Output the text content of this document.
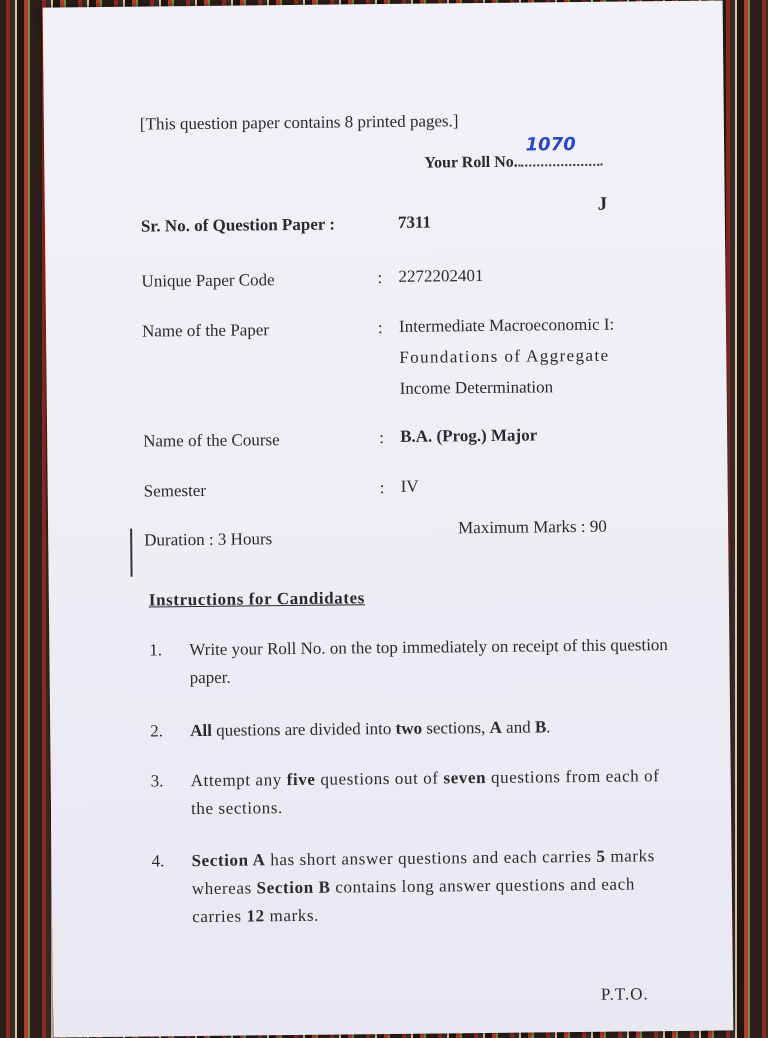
[This question paper contains 8 printed pages.]
Your Roll No.
1070
J
Sr. No. of Question Paper :	7311
Unique Paper Code	: 2272202401
Name of the Paper	: Intermediate Macroeconomic I:
Foundations of Aggregate
Income Determination
Name of the Course	: B.A. (Prog.) Major
Semester	: IV
Duration : 3 Hours
Maximum Marks : 90
Instructions for Candidates
1. Write your Roll No. on the top immediately on receipt of this question paper.
2. All questions are divided into two sections, A and B.
3. Attempt any five questions out of seven questions from each of the sections.
4. Section A has short answer questions and each carries 5 marks whereas Section B contains long answer questions and each carries 12 marks.
P.T.O.
